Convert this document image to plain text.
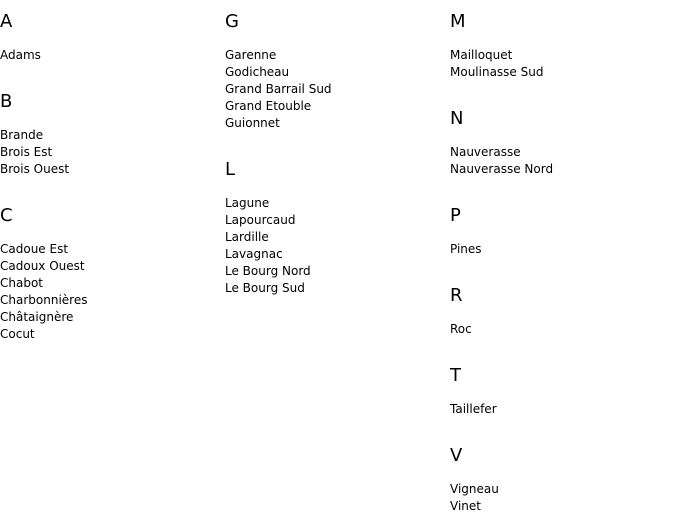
A
Adams
B
Brande
Brois Est
Brois Ouest
C
Cadoue Est
Cadoux Ouest
Chabot
Charbonnières
Châtaignère
Cocut
G
Garenne
Godicheau
Grand Barrail Sud
Grand Etouble
Guionnet
L
Lagune
Lapourcaud
Lardille
Lavagnac
Le Bourg Nord
Le Bourg Sud
M
Mailloquet
Moulinasse Sud
N
Nauverasse
Nauverasse Nord
P
Pines
R
Roc
T
Taillefer
V
Vigneau
Vinet
